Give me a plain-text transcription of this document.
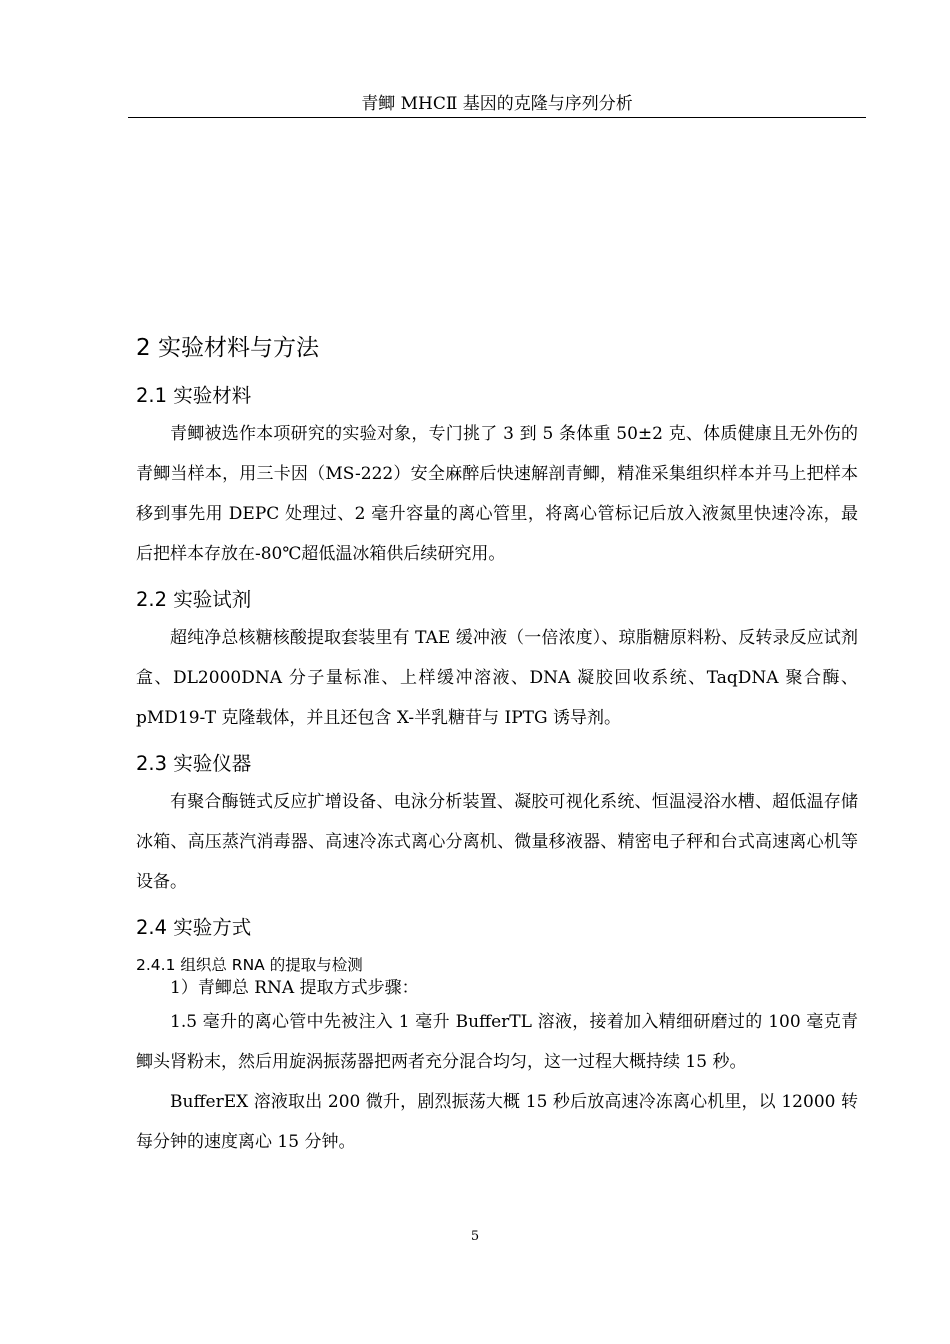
青鲫 MHCⅡ 基因的克隆与序列分析
2 实验材料与方法
2.1 实验材料

青鲫被选作本项研究的实验对象，专门挑了 3 到 5 条体重 50±2 克、体质健康且无外伤的青鲫当样本，用三卡因（MS-222）安全麻醉后快速解剖青鲫，精准采集组织样本并马上把样本移到事先用 DEPC 处理过、2 毫升容量的离心管里，将离心管标记后放入液氮里快速冷冻，最后把样本存放在-80℃超低温冰箱供后续研究用。

2.2 实验试剂

超纯净总核糖核酸提取套装里有 TAE 缓冲液（一倍浓度）、琼脂糖原料粉、反转录反应试剂盒、DL2000DNA 分子量标准、上样缓冲溶液、DNA 凝胶回收系统、TaqDNA 聚合酶、pMD19-T 克隆载体，并且还包含 X-半乳糖苷与 IPTG 诱导剂。

2.3 实验仪器

有聚合酶链式反应扩增设备、电泳分析装置、凝胶可视化系统、恒温浸浴水槽、超低温存储冰箱、高压蒸汽消毒器、高速冷冻式离心分离机、微量移液器、精密电子秤和台式高速离心机等设备。

2.4 实验方式
2.4.1 组织总 RNA 的提取与检测

1）青鲫总 RNA 提取方式步骤：

1.5 毫升的离心管中先被注入 1 毫升 BufferTL 溶液，接着加入精细研磨过的 100 毫克青鲫头肾粉末，然后用旋涡振荡器把两者充分混合均匀，这一过程大概持续 15 秒。

BufferEX 溶液取出 200 微升，剧烈振荡大概 15 秒后放高速冷冻离心机里，以 12000 转每分钟的速度离心 15 分钟。

5
